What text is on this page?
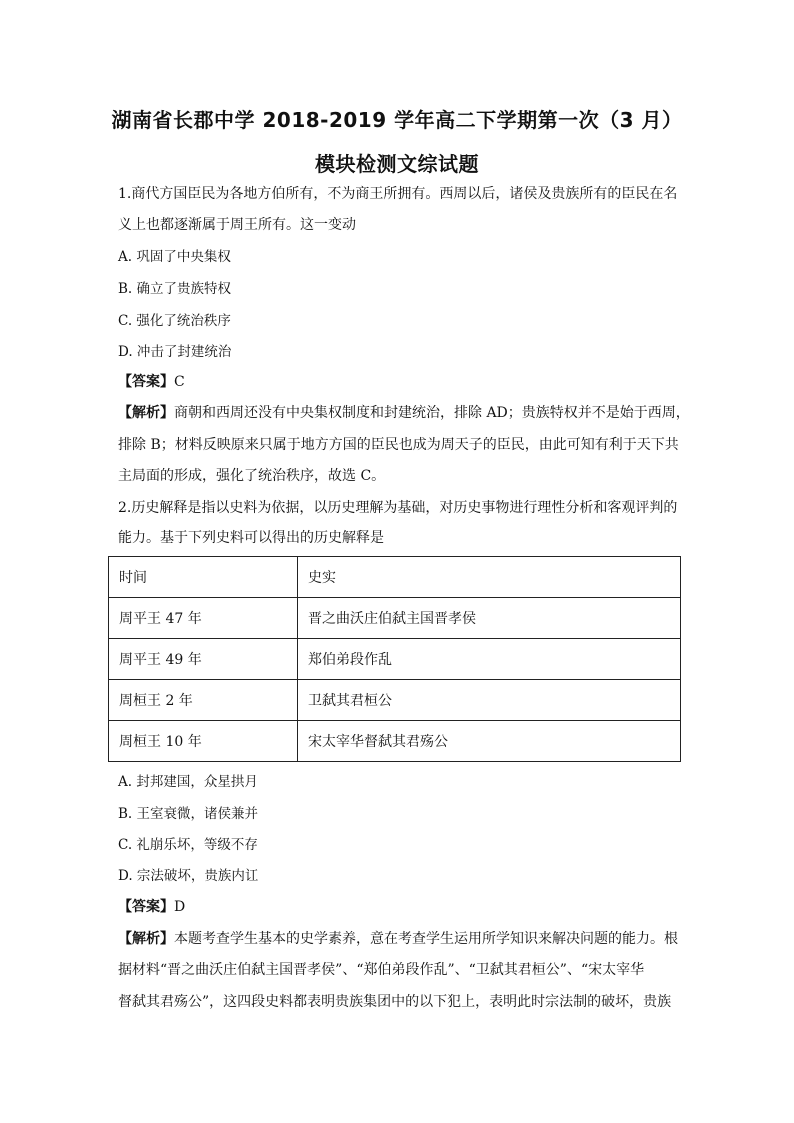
湖南省长郡中学 2018-2019 学年高二下学期第一次（3 月）
模块检测文综试题
1.商代方国臣民为各地方伯所有，不为商王所拥有。西周以后，诸侯及贵族所有的臣民在名
义上也都逐渐属于周王所有。这一变动
A. 巩固了中央集权
B. 确立了贵族特权
C. 强化了统治秩序
D. 冲击了封建统治
【答案】C
【解析】商朝和西周还没有中央集权制度和封建统治，排除 AD；贵族特权并不是始于西周，
排除 B；材料反映原来只属于地方方国的臣民也成为周天子的臣民，由此可知有利于天下共
主局面的形成，强化了统治秩序，故选 C。
2.历史解释是指以史料为依据，以历史理解为基础，对历史事物进行理性分析和客观评判的
能力。基于下列史料可以得出的历史解释是
时间	史实
周平王 47 年	晋之曲沃庄伯弑主国晋孝侯
周平王 49 年	郑伯弟段作乱
周桓王 2 年	卫弑其君桓公
周桓王 10 年	宋太宰华督弑其君殇公
A. 封邦建国，众星拱月
B. 王室衰微，诸侯兼并
C. 礼崩乐坏，等级不存
D. 宗法破坏，贵族内讧
【答案】D
【解析】本题考查学生基本的史学素养，意在考查学生运用所学知识来解决问题的能力。根
据材料“晋之曲沃庄伯弑主国晋孝侯”、“郑伯弟段作乱”、“卫弑其君桓公”、“宋太宰华
督弑其君殇公”，这四段史料都表明贵族集团中的以下犯上，表明此时宗法制的破坏，贵族
